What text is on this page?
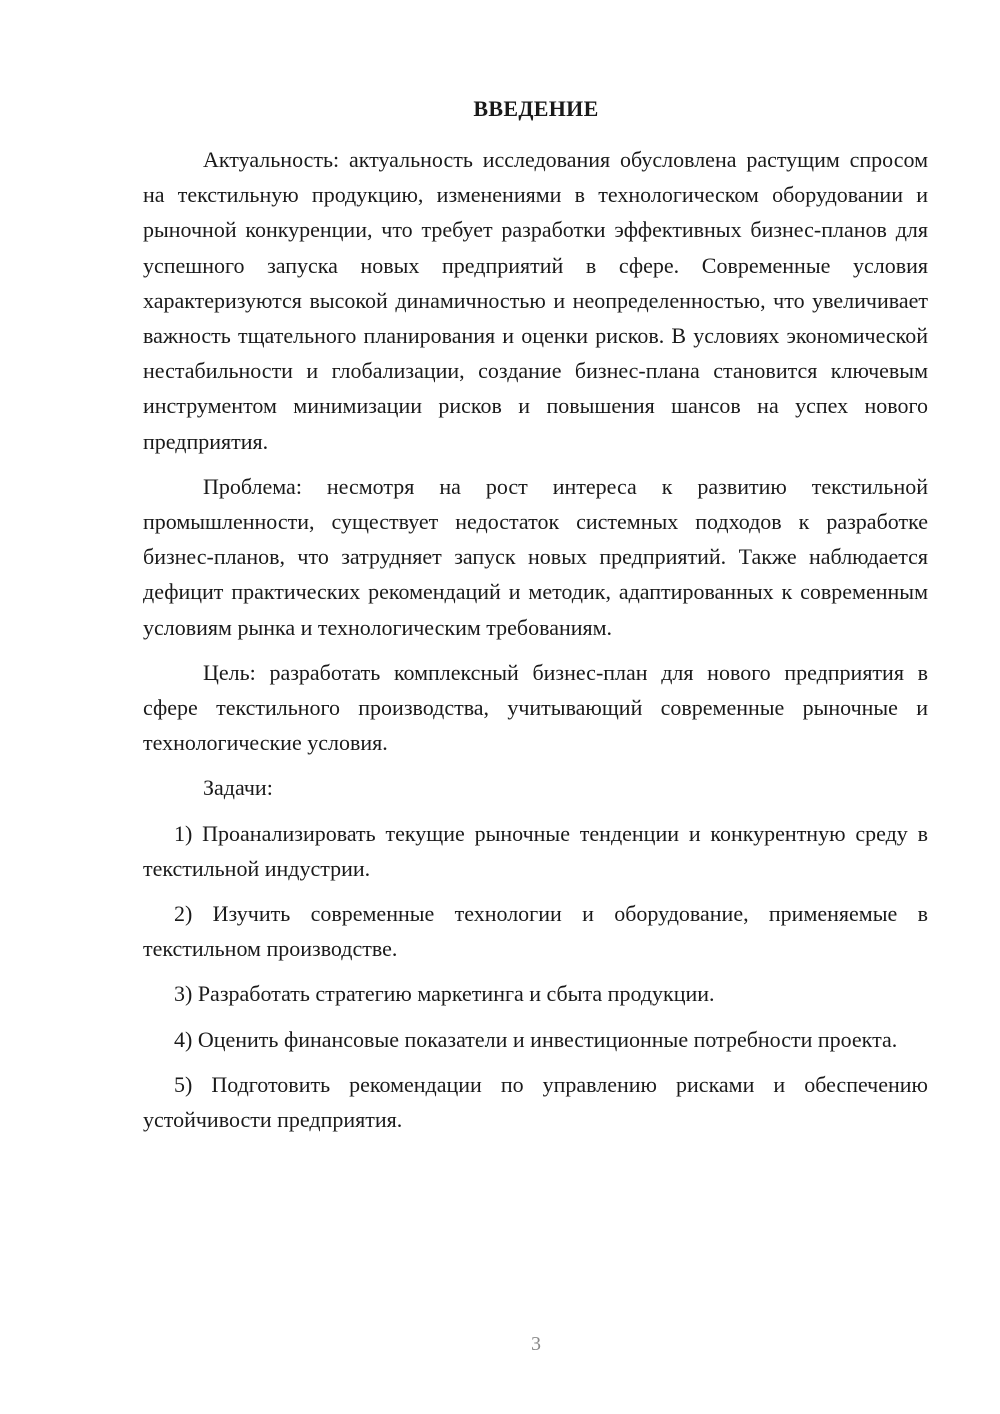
ВВЕДЕНИЕ

Актуальность: актуальность исследования обусловлена растущим спросом на текстильную продукцию, изменениями в технологическом оборудовании и рыночной конкуренции, что требует разработки эффективных бизнес-планов для успешного запуска новых предприятий в сфере. Современные условия характеризуются высокой динамичностью и неопределенностью, что увеличивает важность тщательного планирования и оценки рисков. В условиях экономической нестабильности и глобализации, создание бизнес-плана становится ключевым инструментом минимизации рисков и повышения шансов на успех нового предприятия.

Проблема: несмотря на рост интереса к развитию текстильной промышленности, существует недостаток системных подходов к разработке бизнес-планов, что затрудняет запуск новых предприятий. Также наблюдается дефицит практических рекомендаций и методик, адаптированных к современным условиям рынка и технологическим требованиям.

Цель: разработать комплексный бизнес-план для нового предприятия в сфере текстильного производства, учитывающий современные рыночные и технологические условия.

Задачи:

1) Проанализировать текущие рыночные тенденции и конкурентную среду в текстильной индустрии.

2) Изучить современные технологии и оборудование, применяемые в текстильном производстве.

3) Разработать стратегию маркетинга и сбыта продукции.

4) Оценить финансовые показатели и инвестиционные потребности проекта.

5) Подготовить рекомендации по управлению рисками и обеспечению устойчивости предприятия.

3
